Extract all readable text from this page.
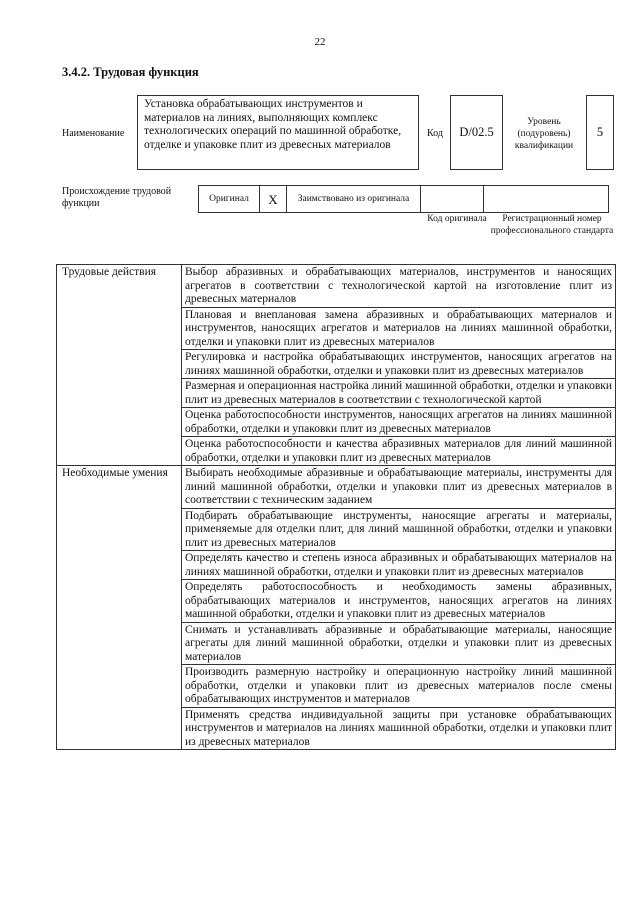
22
3.4.2. Трудовая функция
Наименование
Установка обрабатывающих инструментов и материалов на линиях, выполняющих комплекс технологических операций по машинной обработке, отделке и упаковке плит из древесных материалов
Код	D/02.5
Уровень (подуровень) квалификации
5
Происхождение трудовой функции	Оригинал	X	Заимствовано из оригинала		
Код оригинала	Регистрационный номер профессионального стандарта
Трудовые действия	Выбор абразивных и обрабатывающих материалов, инструментов и наносящих агрегатов в соответствии с технологической картой на изготовление плит из древесных материалов
	Плановая и внеплановая замена абразивных и обрабатывающих материалов и инструментов, наносящих агрегатов и материалов на линиях машинной обработки, отделки и упаковки плит из древесных материалов
	Регулировка и настройка обрабатывающих инструментов, наносящих агрегатов на линиях машинной обработки, отделки и упаковки плит из древесных материалов
	Размерная и операционная настройка линий машинной обработки, отделки и упаковки плит из древесных материалов в соответствии с технологической картой
	Оценка работоспособности инструментов, наносящих агрегатов на линиях машинной обработки, отделки и упаковки плит из древесных материалов
	Оценка работоспособности и качества абразивных материалов для линий машинной обработки, отделки и упаковки плит из древесных материалов
Необходимые умения	Выбирать необходимые абразивные и обрабатывающие материалы, инструменты для линий машинной обработки, отделки и упаковки плит из древесных материалов в соответствии с техническим заданием
	Подбирать обрабатывающие инструменты, наносящие агрегаты и материалы, применяемые для отделки плит, для линий машинной обработки, отделки и упаковки плит из древесных материалов
	Определять качество и степень износа абразивных и обрабатывающих материалов на линиях машинной обработки, отделки и упаковки плит из древесных материалов
	Определять работоспособность и необходимость замены абразивных, обрабатывающих материалов и инструментов, наносящих агрегатов на линиях машинной обработки, отделки и упаковки плит из древесных материалов
	Снимать и устанавливать абразивные и обрабатывающие материалы, наносящие агрегаты для линий машинной обработки, отделки и упаковки плит из древесных материалов
	Производить размерную настройку и операционную настройку линий машинной обработки, отделки и упаковки плит из древесных материалов после смены обрабатывающих инструментов и материалов
	Применять средства индивидуальной защиты при установке обрабатывающих инструментов и материалов на линиях машинной обработки, отделки и упаковки плит из древесных материалов
